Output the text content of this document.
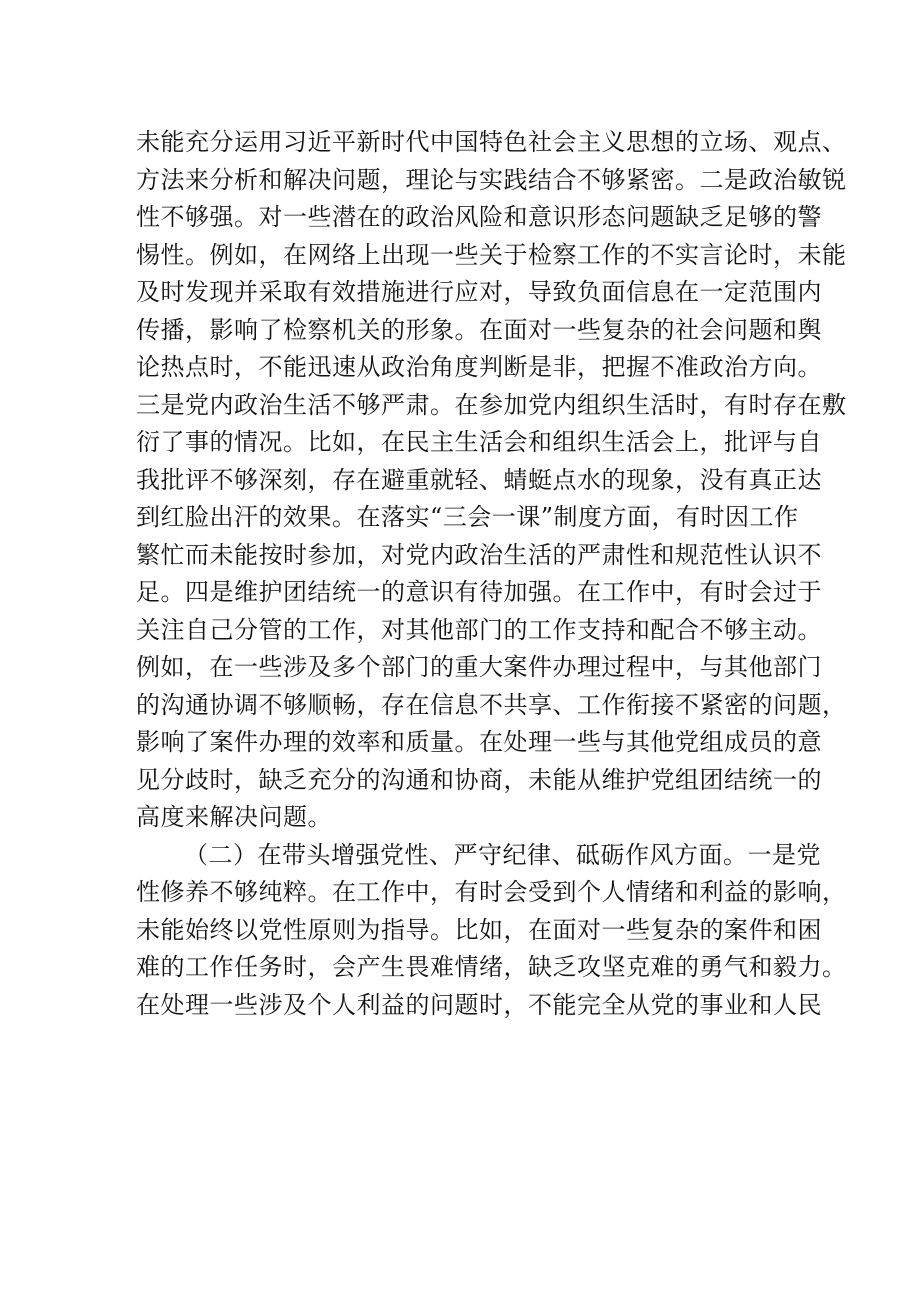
未能充分运用习近平新时代中国特色社会主义思想的立场、观点、
方法来分析和解决问题，理论与实践结合不够紧密。二是政治敏锐
性不够强。对一些潜在的政治风险和意识形态问题缺乏足够的警
惕性。例如，在网络上出现一些关于检察工作的不实言论时，未能
及时发现并采取有效措施进行应对，导致负面信息在一定范围内
传播，影响了检察机关的形象。在面对一些复杂的社会问题和舆
论热点时，不能迅速从政治角度判断是非，把握不准政治方向。
三是党内政治生活不够严肃。在参加党内组织生活时，有时存在敷
衍了事的情况。比如，在民主生活会和组织生活会上，批评与自
我批评不够深刻，存在避重就轻、蜻蜓点水的现象，没有真正达
到红脸出汗的效果。在落实“三会一课”制度方面，有时因工作
繁忙而未能按时参加，对党内政治生活的严肃性和规范性认识不
足。四是维护团结统一的意识有待加强。在工作中，有时会过于
关注自己分管的工作，对其他部门的工作支持和配合不够主动。
例如，在一些涉及多个部门的重大案件办理过程中，与其他部门
的沟通协调不够顺畅，存在信息不共享、工作衔接不紧密的问题，
影响了案件办理的效率和质量。在处理一些与其他党组成员的意
见分歧时，缺乏充分的沟通和协商，未能从维护党组团结统一的
高度来解决问题。
（二）在带头增强党性、严守纪律、砥砺作风方面。一是党
性修养不够纯粹。在工作中，有时会受到个人情绪和利益的影响，
未能始终以党性原则为指导。比如，在面对一些复杂的案件和困
难的工作任务时，会产生畏难情绪，缺乏攻坚克难的勇气和毅力。
在处理一些涉及个人利益的问题时，不能完全从党的事业和人民
